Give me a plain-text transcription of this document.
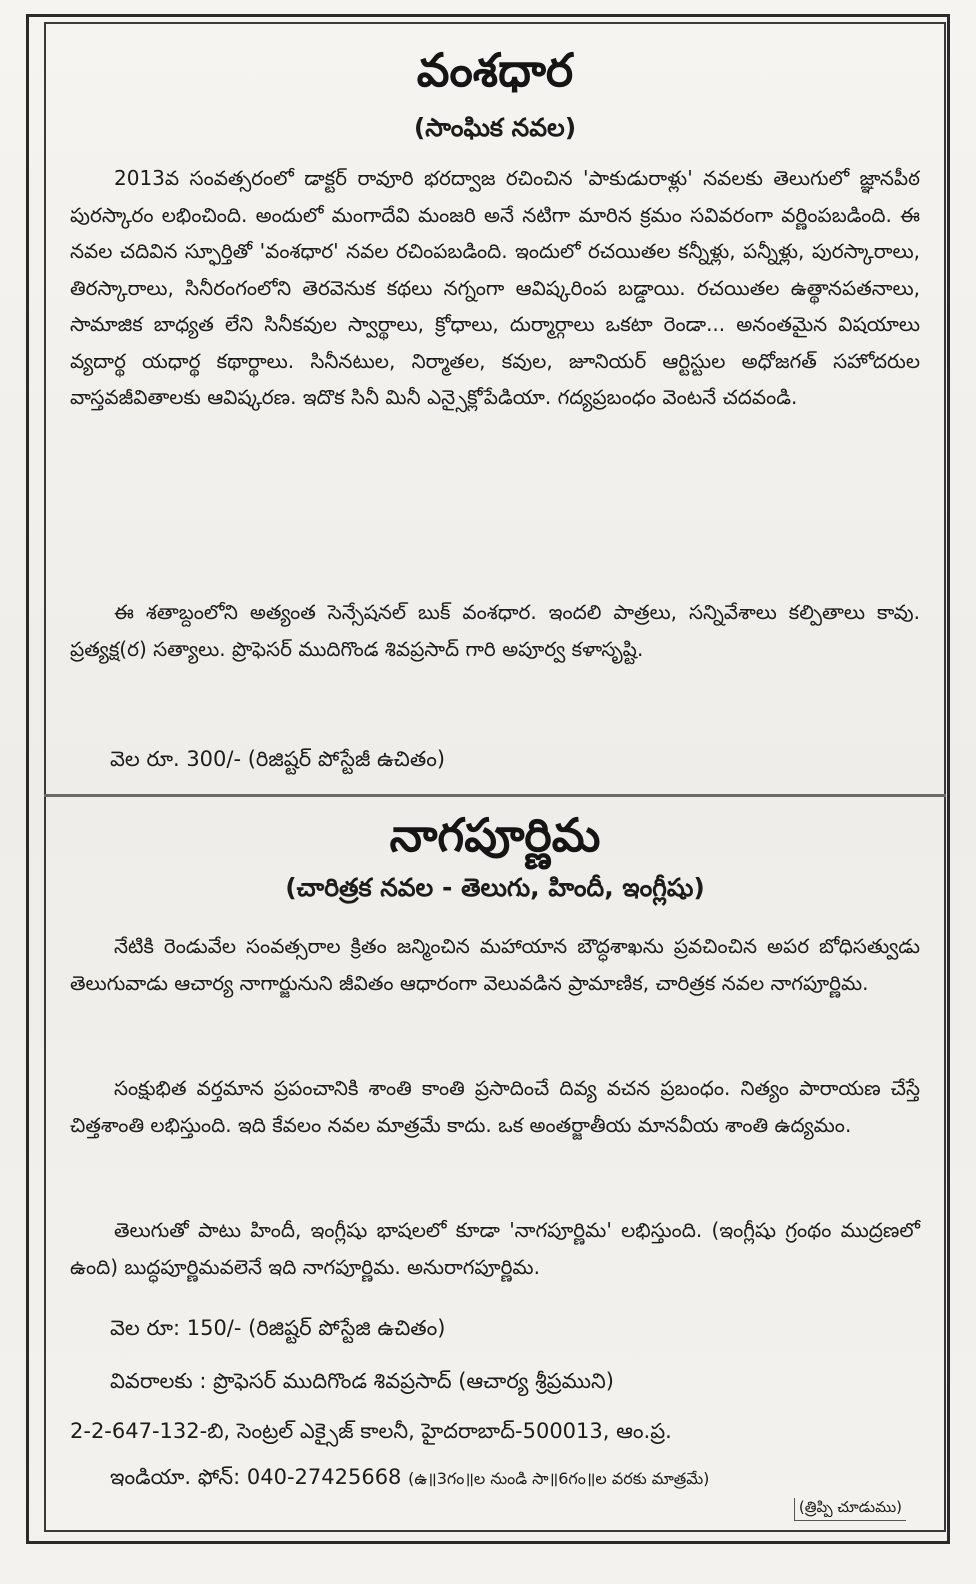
వంశధార
(సాంఘిక నవల)

2013వ సంవత్సరంలో డాక్టర్ రావూరి భరద్వాజ రచించిన 'పాకుడురాళ్లు' నవలకు తెలుగులో జ్ఞానపీఠ పురస్కారం లభించింది. అందులో మంగాదేవి మంజరి అనే నటిగా మారిన క్రమం సవివరంగా వర్ణింపబడింది. ఈ నవల చదివిన స్ఫూర్తితో 'వంశధార' నవల రచింపబడింది. ఇందులో రచయితల కన్నీళ్లు, పన్నీళ్లు, పురస్కారాలు, తిరస్కారాలు, సినీరంగంలోని తెరవెనుక కథలు నగ్నంగా ఆవిష్కరింప బడ్డాయి. రచయితల ఉత్థానపతనాలు, సామాజిక బాధ్యత లేని సినీకవుల స్వార్థాలు, క్రోధాలు, దుర్మార్గాలు ఒకటా రెండా... అనంతమైన విషయాలు వ్యదార్థ యధార్థ కథార్థాలు. సినీనటుల, నిర్మాతల, కవుల, జూనియర్ ఆర్టిస్టుల అధోజగత్ సహోదరుల వాస్తవజీవితాలకు ఆవిష్కరణ. ఇదొక సినీ మినీ ఎన్సైక్లోపేడియా. గద్యప్రబంధం వెంటనే చదవండి.

ఈ శతాబ్దంలోని అత్యంత సెన్సేషనల్ బుక్ వంశధార. ఇందలి పాత్రలు, సన్నివేశాలు కల్పితాలు కావు. ప్రత్యక్ష(ర) సత్యాలు. ప్రొఫెసర్ ముదిగొండ శివప్రసాద్ గారి అపూర్వ కళాసృష్టి.

వెల రూ. 300/- (రిజిష్టర్ పోస్టేజీ ఉచితం)
నాగపూర్ణిమ
(చారిత్రక నవల - తెలుగు, హిందీ, ఇంగ్లీషు)

నేటికి రెండువేల సంవత్సరాల క్రితం జన్మించిన మహాయాన బౌద్ధశాఖను ప్రవచించిన అపర బోధిసత్వుడు తెలుగువాడు ఆచార్య నాగార్జునుని జీవితం ఆధారంగా వెలువడిన ప్రామాణిక, చారిత్రక నవల నాగపూర్ణిమ.

సంక్షుభిత వర్తమాన ప్రపంచానికి శాంతి కాంతి ప్రసాదించే దివ్య వచన ప్రబంధం. నిత్యం పారాయణ చేస్తే చిత్తశాంతి లభిస్తుంది. ఇది కేవలం నవల మాత్రమే కాదు. ఒక అంతర్జాతీయ మానవీయ శాంతి ఉద్యమం.

తెలుగుతో పాటు హిందీ, ఇంగ్లీషు భాషలలో కూడా 'నాగపూర్ణిమ' లభిస్తుంది. (ఇంగ్లీషు గ్రంథం ముద్రణలో ఉంది) బుద్ధపూర్ణిమవలెనే ఇది నాగపూర్ణిమ. అనురాగపూర్ణిమ.

వెల రూ: 150/- (రిజిష్టర్ పోస్టేజి ఉచితం)
వివరాలకు : ప్రొఫెసర్ ముదిగొండ శివప్రసాద్ (ఆచార్య శ్రీప్రముని)
2-2-647-132-బి, సెంట్రల్ ఎక్సైజ్ కాలనీ, హైదరాబాద్-500013, ఆం.ప్ర.
ఇండియా. ఫోన్: 040-27425668 (ఉ॥3గం॥ల నుండి సా॥6గం॥ల వరకు మాత్రమే)
(త్రిప్పి చూడుము)
